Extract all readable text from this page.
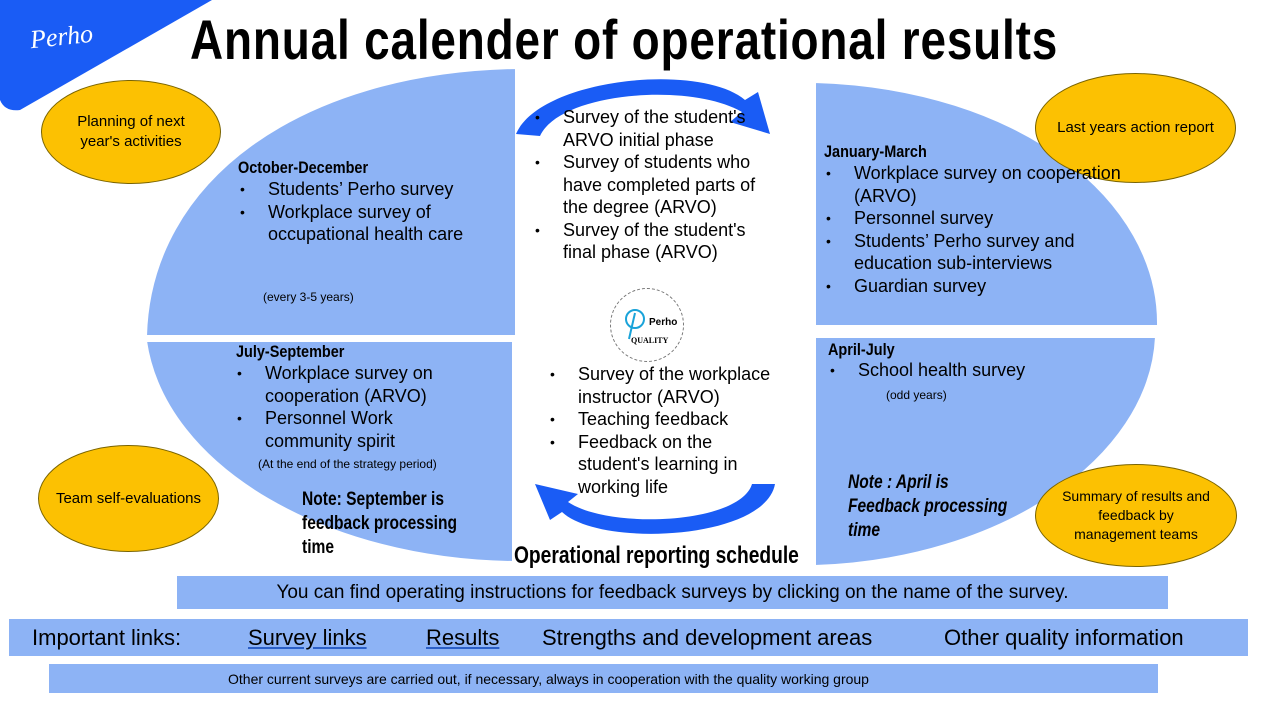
Perho Annual calender of operational results
Planning of next year's activities
Last years action report
Team self-evaluations	Summary of results and feedback by management teams
October-December
• Students’ Perho survey
• Workplace survey of occupational health care
(every 3-5 years)
January-March
• Workplace survey on cooperation (ARVO)
• Personnel survey
• Students’ Perho survey and education sub-interviews
• Guardian survey
July-September
• Workplace survey on cooperation (ARVO)
• Personnel Work community spirit
(At the end of the strategy period)
Note: September is feedback processing time
April-July
• School health survey
(odd years)
Note : April is Feedback processing time
• Survey of the student's ARVO initial phase
• Survey of students who have completed parts of the degree (ARVO)
• Survey of the student's final phase (ARVO)
Perho
QUALITY
• Survey of the workplace instructor (ARVO)
• Teaching feedback
• Feedback on the student's learning in working life
Operational reporting schedule
You can find operating instructions for feedback surveys by clicking on the name of the survey.
Important links:	Survey links	Results Strengths and development areas	Other quality information
Other current surveys are carried out, if necessary, always in cooperation with the quality working group
